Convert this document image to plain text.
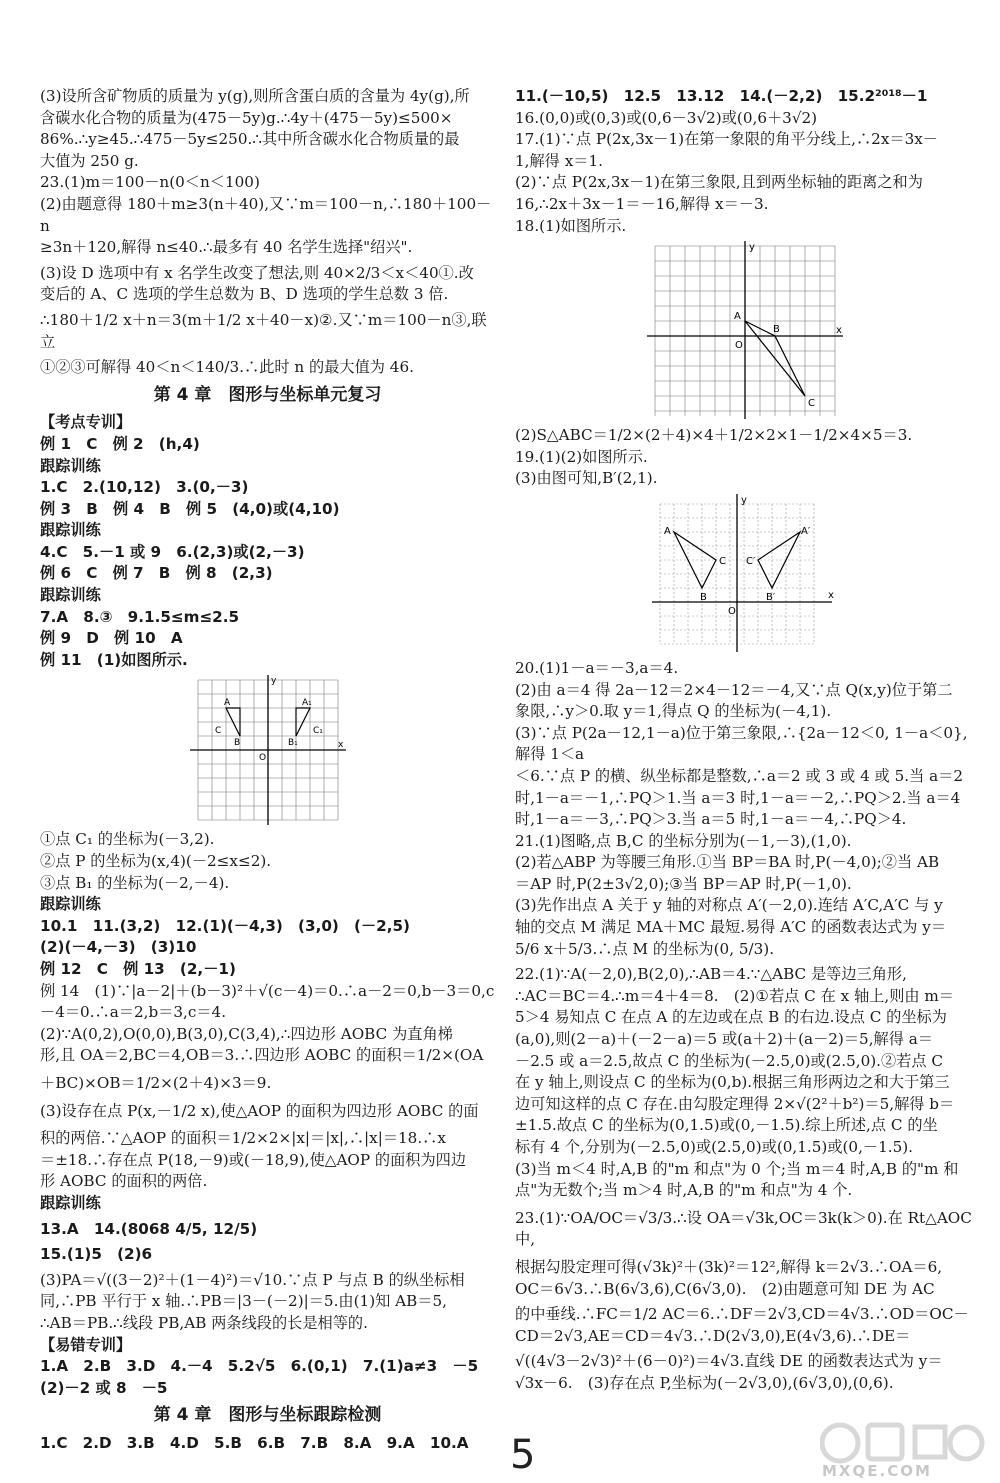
(3)设所含矿物质的质量为 y(g),则所含蛋白质的含量为 4y(g),所

含碳水化合物的质量为(475－5y)g.∴4y＋(475－5y)≤500×

86%.∴y≥45.∴475－5y≤250.∴其中所含碳水化合物质量的最

大值为 250 g.

23.(1)m＝100－n(0＜n＜100)

(2)由题意得 180＋m≥3(n＋40),又∵m＝100－n,∴180＋100－n

≥3n＋120,解得 n≤40.∴最多有 40 名学生选择"绍兴".

(3)设 D 选项中有 x 名学生改变了想法,则 40×2/3＜x＜40①.改

变后的 A、C 选项的学生总数为 B、D 选项的学生总数 3 倍.

∴180＋1/2 x＋n＝3(m＋1/2 x＋40－x)②.又∵m＝100－n③,联立

①②③可解得 40＜n＜140/3.∴此时 n 的最大值为 46.

第 4 章　图形与坐标单元复习

【考点专训】

例 1　C　例 2　(h,4)

跟踪训练

1.C　2.(10,12)　3.(0,－3)

例 3　B　例 4　B　例 5　(4,0)或(4,10)

跟踪训练

4.C　5.－1 或 9　6.(2,3)或(2,－3)

例 6　C　例 7　B　例 8　(2,3)

跟踪训练

7.A　8.③　9.1.5≤m≤2.5

例 9　D　例 10　A

例 11　(1)如图所示.

A
B
C
A₁
B₁
C₁
x
y
O

①点 C₁ 的坐标为(－3,2).

②点 P 的坐标为(x,4)(－2≤x≤2).

③点 B₁ 的坐标为(－2,－4).

跟踪训练

10.1　11.(3,2)　12.(1)(－4,3)　(3,0)　(－2,5)

(2)(－4,－3)　(3)10

例 12　C　例 13　(2,－1)

例 14　(1)∵|a－2|＋(b－3)²＋√(c－4)＝0.∴a－2＝0,b－3＝0,c

－4＝0.∴a＝2,b＝3,c＝4.

(2)∵A(0,2),O(0,0),B(3,0),C(3,4),∴四边形 AOBC 为直角梯

形,且 OA＝2,BC＝4,OB＝3.∴四边形 AOBC 的面积＝1/2×(OA

＋BC)×OB＝1/2×(2＋4)×3＝9.

(3)设存在点 P(x,－1/2 x),使△AOP 的面积为四边形 AOBC 的面

积的两倍.∵△AOP 的面积＝1/2×2×|x|＝|x|,∴|x|＝18.∴x

＝±18.∴存在点 P(18,－9)或(－18,9),使△AOP 的面积为四边

形 AOBC 的面积的两倍.

跟踪训练

13.A　14.(8068 4/5, 12/5)

15.(1)5　(2)6

(3)PA＝√((3－2)²＋(1－4)²)＝√10.∵点 P 与点 B 的纵坐标相

同,∴PB 平行于 x 轴.∴PB＝|3－(－2)|＝5.由(1)知 AB＝5,

∴AB＝PB.∴线段 PB,AB 两条线段的长是相等的.

【易错专训】

1.A　2.B　3.D　4.－4　5.2√5　6.(0,1)　7.(1)a≠3　－5

(2)－2 或 8　－5

第 4 章　图形与坐标跟踪检测

1.C　2.D　3.B　4.D　5.B　6.B　7.B　8.A　9.A　10.A

11.(－10,5)　12.5　13.12　14.(－2,2)　15.2²⁰¹⁸－1

16.(0,0)或(0,3)或(0,6－3√2)或(0,6＋3√2)

17.(1)∵点 P(2x,3x－1)在第一象限的角平分线上,∴2x＝3x－

1,解得 x＝1.

(2)∵点 P(2x,3x－1)在第三象限,且到两坐标轴的距离之和为

16,∴2x＋3x－1＝－16,解得 x＝－3.

18.(1)如图所示.

A
B
C
x
y
O

(2)S△ABC＝1/2×(2＋4)×4＋1/2×2×1－1/2×4×5＝3.

19.(1)(2)如图所示.

(3)由图可知,B′(2,1).

A
B
C
A′
B′
C′
x
y
O

20.(1)1－a＝－3,a＝4.

(2)由 a＝4 得 2a－12＝2×4－12＝－4,又∵点 Q(x,y)位于第二

象限,∴y＞0.取 y＝1,得点 Q 的坐标为(－4,1).

(3)∵点 P(2a－12,1－a)位于第三象限,∴{2a－12＜0, 1－a＜0},解得 1＜a

＜6.∵点 P 的横、纵坐标都是整数,∴a＝2 或 3 或 4 或 5.当 a＝2

时,1－a＝－1,∴PQ＞1.当 a＝3 时,1－a＝－2,∴PQ＞2.当 a＝4

时,1－a＝－3,∴PQ＞3.当 a＝5 时,1－a＝－4,∴PQ＞4.

21.(1)图略,点 B,C 的坐标分别为(－1,－3),(1,0).

(2)若△ABP 为等腰三角形.①当 BP＝BA 时,P(－4,0);②当 AB

＝AP 时,P(2±3√2,0);③当 BP＝AP 时,P(－1,0).

(3)先作出点 A 关于 y 轴的对称点 A′(－2,0).连结 A′C,A′C 与 y

轴的交点 M 满足 MA＋MC 最短.易得 A′C 的函数表达式为 y＝

5/6 x＋5/3.∴点 M 的坐标为(0, 5/3).

22.(1)∵A(－2,0),B(2,0),∴AB＝4.∵△ABC 是等边三角形,

∴AC＝BC＝4.∴m＝4＋4＝8.　(2)①若点 C 在 x 轴上,则由 m＝

5＞4 易知点 C 在点 A 的左边或在点 B 的右边.设点 C 的坐标为

(a,0),则(2－a)＋(－2－a)＝5 或(a＋2)＋(a－2)＝5,解得 a＝

－2.5 或 a＝2.5,故点 C 的坐标为(－2.5,0)或(2.5,0).②若点 C

在 y 轴上,则设点 C 的坐标为(0,b).根据三角形两边之和大于第三

边可知这样的点 C 存在.由勾股定理得 2×√(2²＋b²)＝5,解得 b＝

±1.5.故点 C 的坐标为(0,1.5)或(0,－1.5).综上所述,点 C 的坐

标有 4 个,分别为(－2.5,0)或(2.5,0)或(0,1.5)或(0,－1.5).

(3)当 m＜4 时,A,B 的"m 和点"为 0 个;当 m＝4 时,A,B 的"m 和

点"为无数个;当 m＞4 时,A,B 的"m 和点"为 4 个.

23.(1)∵OA/OC＝√3/3.∴设 OA＝√3k,OC＝3k(k＞0).在 Rt△AOC 中,

根据勾股定理可得(√3k)²＋(3k)²＝12²,解得 k＝2√3.∴OA＝6,

OC＝6√3.∴B(6√3,6),C(6√3,0).　(2)由题意可知 DE 为 AC

的中垂线.∴FC＝1/2 AC＝6.∴DF＝2√3,CD＝4√3.∴OD＝OC－

CD＝2√3,AE＝CD＝4√3.∴D(2√3,0),E(4√3,6).∴DE＝

√((4√3－2√3)²＋(6－0)²)＝4√3.直线 DE 的函数表达式为 y＝

√3x－6.　(3)存在点 P,坐标为(－2√3,0),(6√3,0),(0,6).

5	MXQE.COM
